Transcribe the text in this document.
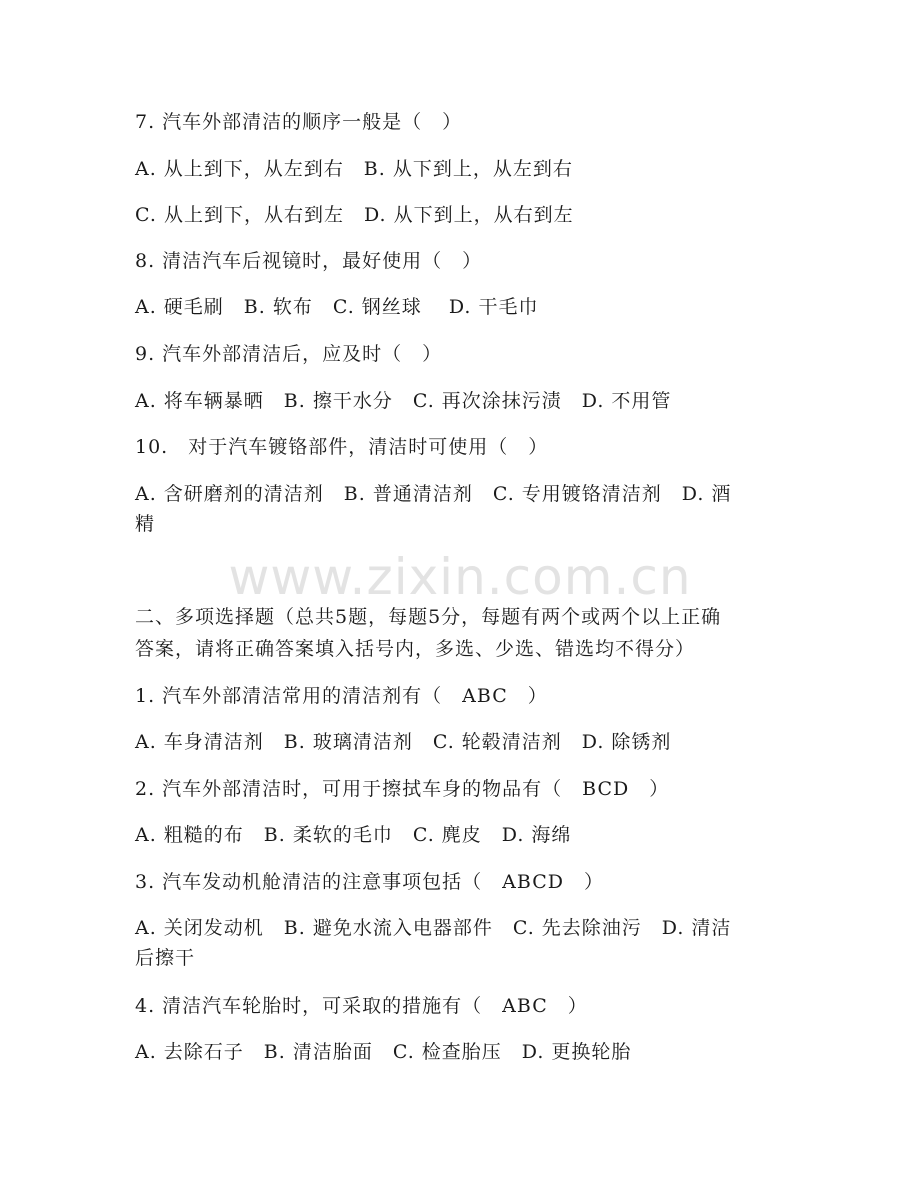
www.zixin.com.cn
7. 汽车外部清洁的顺序一般是（　）
A. 从上到下，从左到右　B. 从下到上，从左到右
C. 从上到下，从右到左　D. 从下到上，从右到左
8. 清洁汽车后视镜时，最好使用（　）
A. 硬毛刷　B. 软布　C. 钢丝球　 D. 干毛巾
9. 汽车外部清洁后，应及时（　）
A. 将车辆暴晒　B. 擦干水分　C. 再次涂抹污渍　D. 不用管
10.　对于汽车镀铬部件，清洁时可使用（　）
A. 含研磨剂的清洁剂　B. 普通清洁剂　C. 专用镀铬清洁剂　D. 酒
精
二、多项选择题（总共5题，每题5分，每题有两个或两个以上正确
答案，请将正确答案填入括号内，多选、少选、错选均不得分）
1. 汽车外部清洁常用的清洁剂有（　ABC　）
A. 车身清洁剂　B. 玻璃清洁剂　C. 轮毂清洁剂　D. 除锈剂
2. 汽车外部清洁时，可用于擦拭车身的物品有（　BCD　）
A. 粗糙的布　B. 柔软的毛巾　C. 麂皮　D. 海绵
3. 汽车发动机舱清洁的注意事项包括（　ABCD　）
A. 关闭发动机　B. 避免水流入电器部件　C. 先去除油污　D. 清洁
后擦干
4. 清洁汽车轮胎时，可采取的措施有（　ABC　）
A. 去除石子　B. 清洁胎面　C. 检查胎压　D. 更换轮胎
